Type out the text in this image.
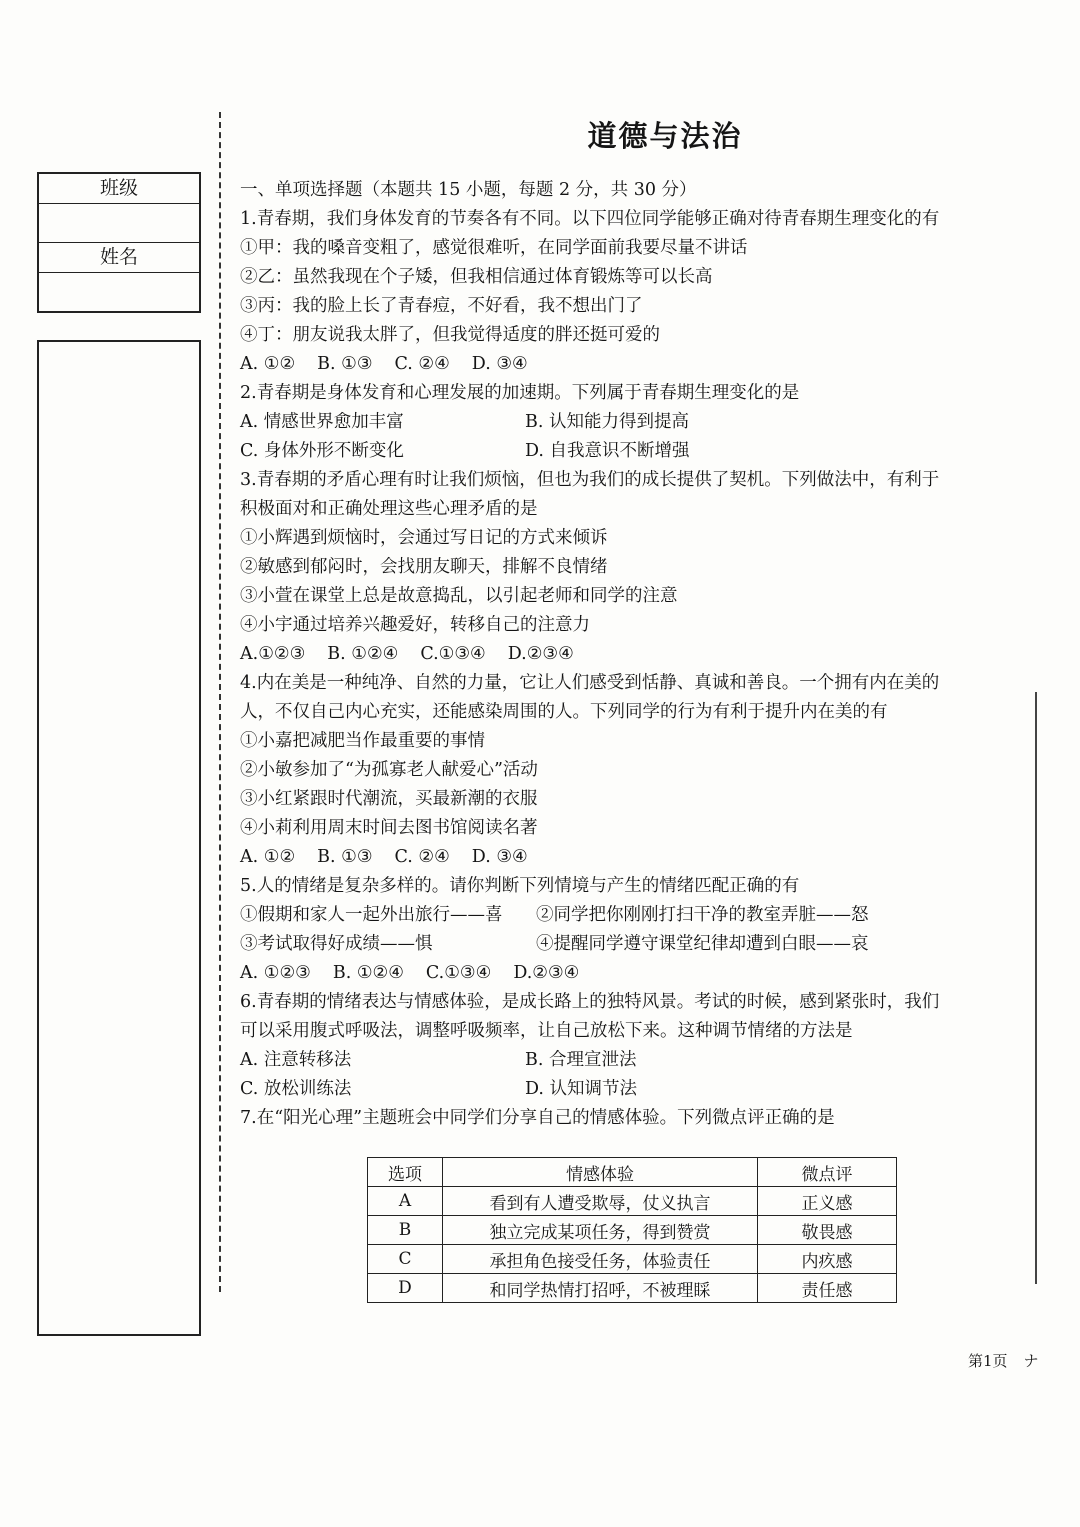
班级
姓名
道德与法治
一、单项选择题（本题共 15 小题，每题 2 分，共 30 分）
1.青春期，我们身体发育的节奏各有不同。以下四位同学能够正确对待青春期生理变化的有
①甲：我的嗓音变粗了，感觉很难听，在同学面前我要尽量不讲话
②乙：虽然我现在个子矮，但我相信通过体育锻炼等可以长高
③丙：我的脸上长了青春痘，不好看，我不想出门了
④丁：朋友说我太胖了，但我觉得适度的胖还挺可爱的
A. ①② B. ①③ C. ②④ D. ③④
2.青春期是身体发育和心理发展的加速期。下列属于青春期生理变化的是
A. 情感世界愈加丰富	B. 认知能力得到提高
C. 身体外形不断变化	D. 自我意识不断增强
3.青春期的矛盾心理有时让我们烦恼，但也为我们的成长提供了契机。下列做法中，有利于
积极面对和正确处理这些心理矛盾的是
①小辉遇到烦恼时，会通过写日记的方式来倾诉
②敏感到郁闷时，会找朋友聊天，排解不良情绪
③小萱在课堂上总是故意捣乱，以引起老师和同学的注意
④小宇通过培养兴趣爱好，转移自己的注意力
A.①②③ B. ①②④ C.①③④ D.②③④
4.内在美是一种纯净、自然的力量，它让人们感受到恬静、真诚和善良。一个拥有内在美的
人，不仅自己内心充实，还能感染周围的人。下列同学的行为有利于提升内在美的有
①小嘉把减肥当作最重要的事情
②小敏参加了“为孤寡老人献爱心”活动
③小红紧跟时代潮流，买最新潮的衣服
④小莉利用周末时间去图书馆阅读名著
A. ①② B. ①③ C. ②④ D. ③④
5.人的情绪是复杂多样的。请你判断下列情境与产生的情绪匹配正确的有
①假期和家人一起外出旅行——喜	②同学把你刚刚打扫干净的教室弄脏——怒
③考试取得好成绩——惧	④提醒同学遵守课堂纪律却遭到白眼——哀
A. ①②③ B. ①②④ C.①③④ D.②③④
6.青春期的情绪表达与情感体验，是成长路上的独特风景。考试的时候，感到紧张时，我们
可以采用腹式呼吸法，调整呼吸频率，让自己放松下来。这种调节情绪的方法是
A. 注意转移法	B. 合理宣泄法
C. 放松训练法	D. 认知调节法
7.在“阳光心理”主题班会中同学们分享自己的情感体验。下列微点评正确的是
选项	情感体验	微点评
A	看到有人遭受欺辱，仗义执言	正义感
B	独立完成某项任务，得到赞赏	敬畏感
C	承担角色接受任务，体验责任	内疚感
D	和同学热情打招呼，不被理睬	责任感
第1页 ナ
